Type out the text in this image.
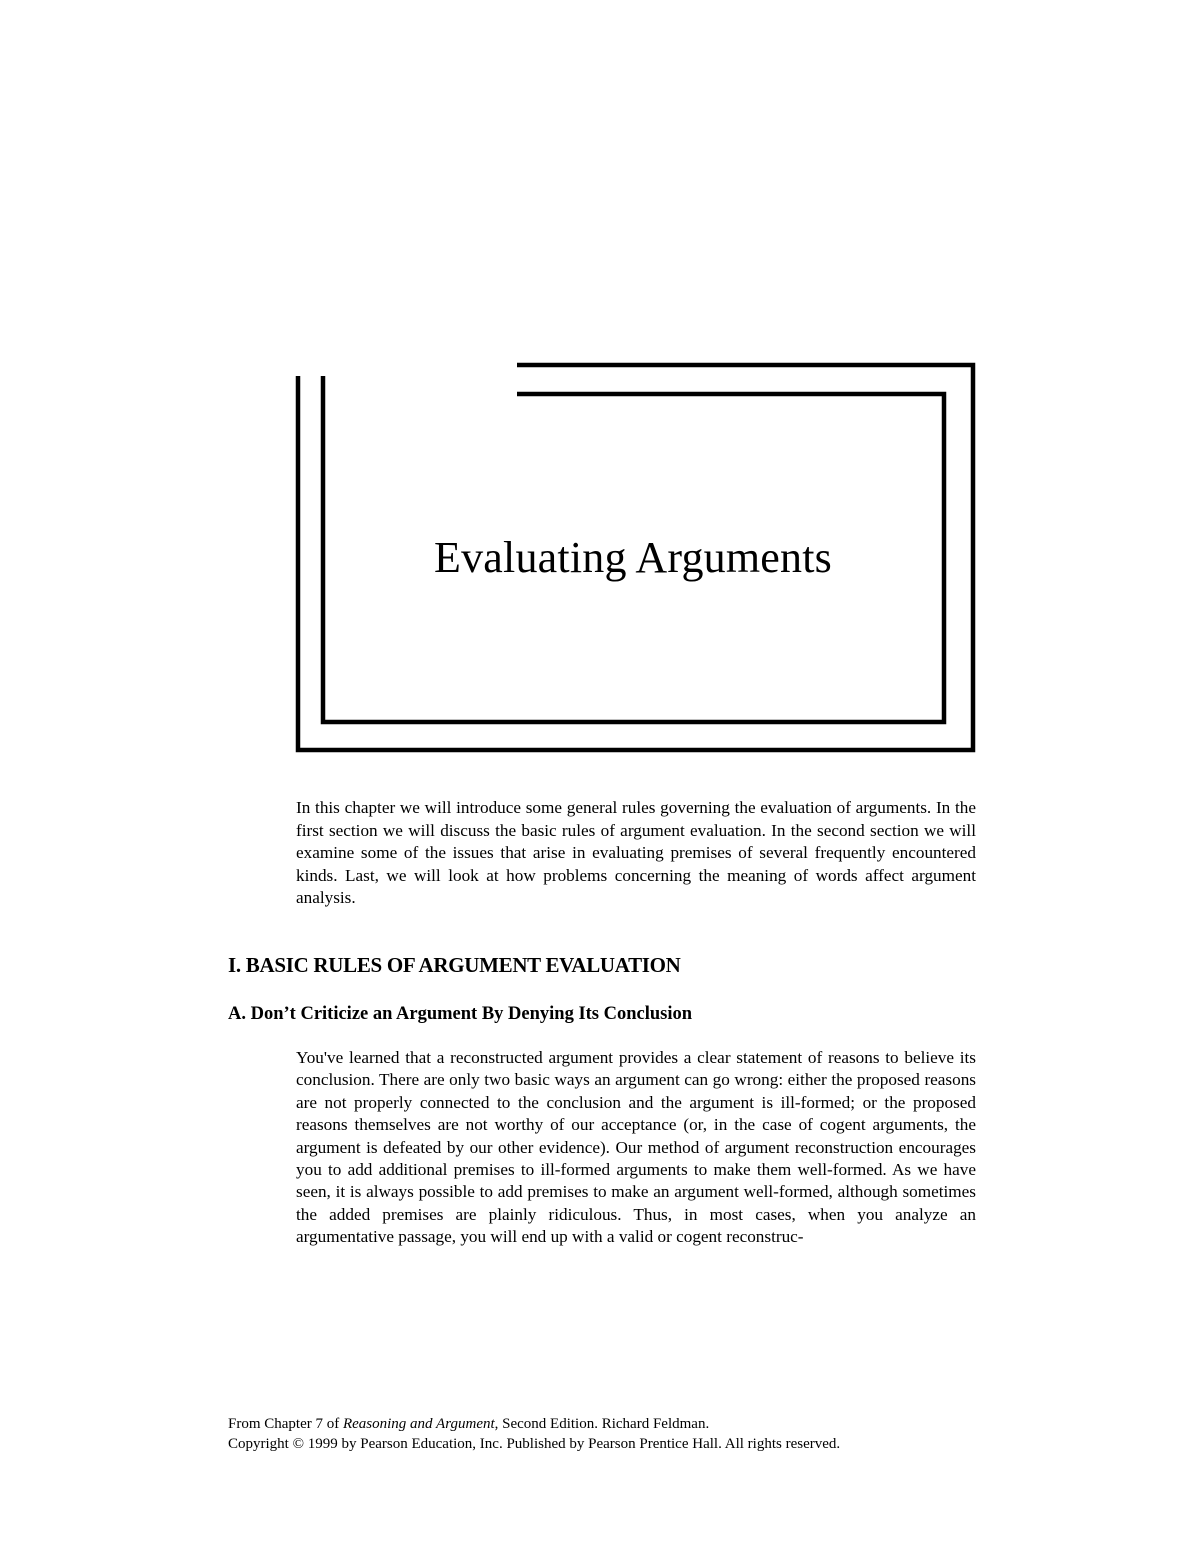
Evaluating Arguments

In this chapter we will introduce some general rules governing the evaluation of arguments. In the first section we will discuss the basic rules of argument evaluation. In the second section we will examine some of the issues that arise in evaluating premises of several frequently encountered kinds. Last, we will look at how problems concerning the meaning of words affect argument analysis.

I. BASIC RULES OF ARGUMENT EVALUATION
A. Don’t Criticize an Argument By Denying Its Conclusion

You've learned that a reconstructed argument provides a clear statement of reasons to believe its conclusion. There are only two basic ways an argument can go wrong: either the proposed reasons are not properly connected to the conclusion and the argument is ill-formed; or the proposed reasons themselves are not worthy of our acceptance (or, in the case of cogent arguments, the argument is defeated by our other evidence). Our method of argument reconstruction encourages you to add additional premises to ill-formed arguments to make them well-formed. As we have seen, it is always possible to add premises to make an argument well-formed, although sometimes the added premises are plainly ridiculous. Thus, in most cases, when you analyze an argumentative passage, you will end up with a valid or cogent reconstruc-

From Chapter 7 of Reasoning and Argument, Second Edition. Richard Feldman.
Copyright © 1999 by Pearson Education, Inc. Published by Pearson Prentice Hall. All rights reserved.
